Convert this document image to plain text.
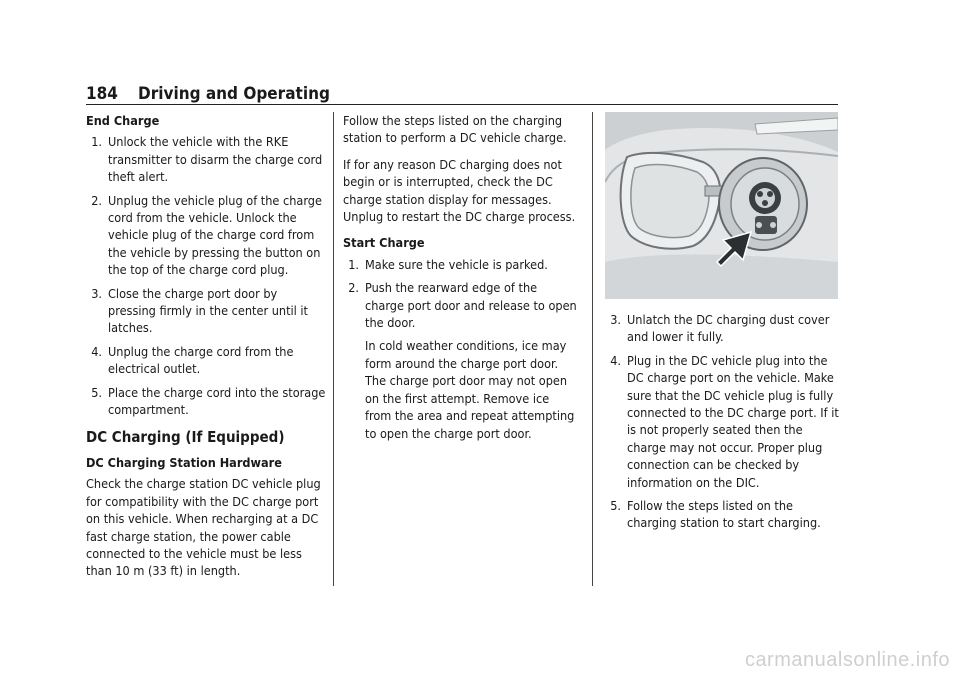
184 Driving and Operating
End Charge
1. Unlock the vehicle with the RKE transmitter to disarm the charge cord theft alert.
2. Unplug the vehicle plug of the charge cord from the vehicle. Unlock the vehicle plug of the charge cord from the vehicle by pressing the button on the top of the charge cord plug.
3. Close the charge port door by pressing firmly in the center until it latches.
4. Unplug the charge cord from the electrical outlet.
5. Place the charge cord into the storage compartment.
DC Charging (If Equipped)
DC Charging Station Hardware

Check the charge station DC vehicle plug for compatibility with the DC charge port on this vehicle. When recharging at a DC fast charge station, the power cable connected to the vehicle must be less than 10 m (33 ft) in length.

Follow the steps listed on the charging station to perform a DC vehicle charge.

If for any reason DC charging does not begin or is interrupted, check the DC charge station display for messages. Unplug to restart the DC charge process.

Start Charge
1. Make sure the vehicle is parked.
2. Push the rearward edge of the charge port door and release to open the door.

In cold weather conditions, ice may form around the charge port door. The charge port door may not open on the first attempt. Remove ice from the area and repeat attempting to open the charge port door.

3. Unlatch the DC charging dust cover and lower it fully.
4. Plug in the DC vehicle plug into the DC charge port on the vehicle. Make sure that the DC vehicle plug is fully connected to the DC charge port. If it is not properly seated then the charge may not occur. Proper plug connection can be checked by information on the DIC.
5. Follow the steps listed on the charging station to start charging.
carmanualsonline.info
